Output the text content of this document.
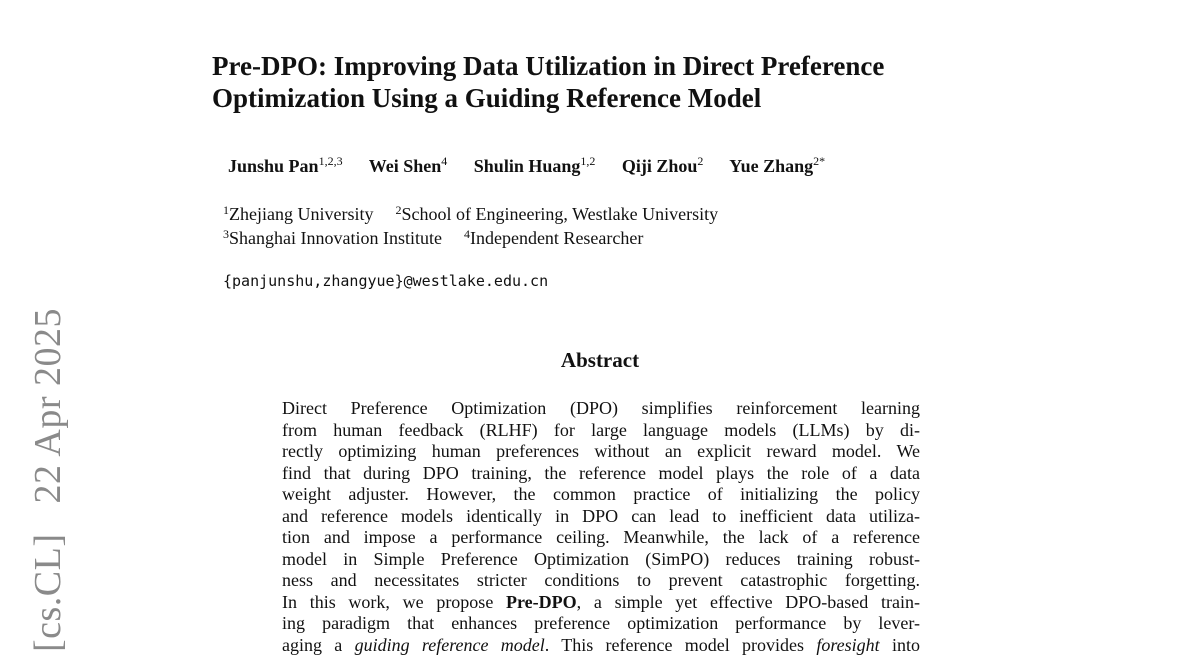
[cs.CL]22 Apr 2025
Pre-DPO: Improving Data Utilization in Direct Preference
Optimization Using a Guiding Reference Model
Junshu Pan$^{1,2,3}$ Wei Shen$^4$ Shulin Huang$^{1,2}$ Qiji Zhou$^2$ Yue Zhang$^{2*}$
$^1$Zhejiang University $^2$School of Engineering, Westlake University
$^3$Shanghai Innovation Institute $^4$Independent Researcher
{panjunshu,zhangyue}@westlake.edu.cn
Abstract
Direct Preference Optimization (DPO) simplifies reinforcement learning
from human feedback (RLHF) for large language models (LLMs) by di-
rectly optimizing human preferences without an explicit reward model. We
find that during DPO training, the reference model plays the role of a data
weight adjuster. However, the common practice of initializing the policy
and reference models identically in DPO can lead to inefficient data utiliza-
tion and impose a performance ceiling. Meanwhile, the lack of a reference
model in Simple Preference Optimization (SimPO) reduces training robust-
ness and necessitates stricter conditions to prevent catastrophic forgetting.
In this work, we propose Pre-DPO, a simple yet effective DPO-based train-
ing paradigm that enhances preference optimization performance by lever-
aging a guiding reference model. This reference model provides foresight into
